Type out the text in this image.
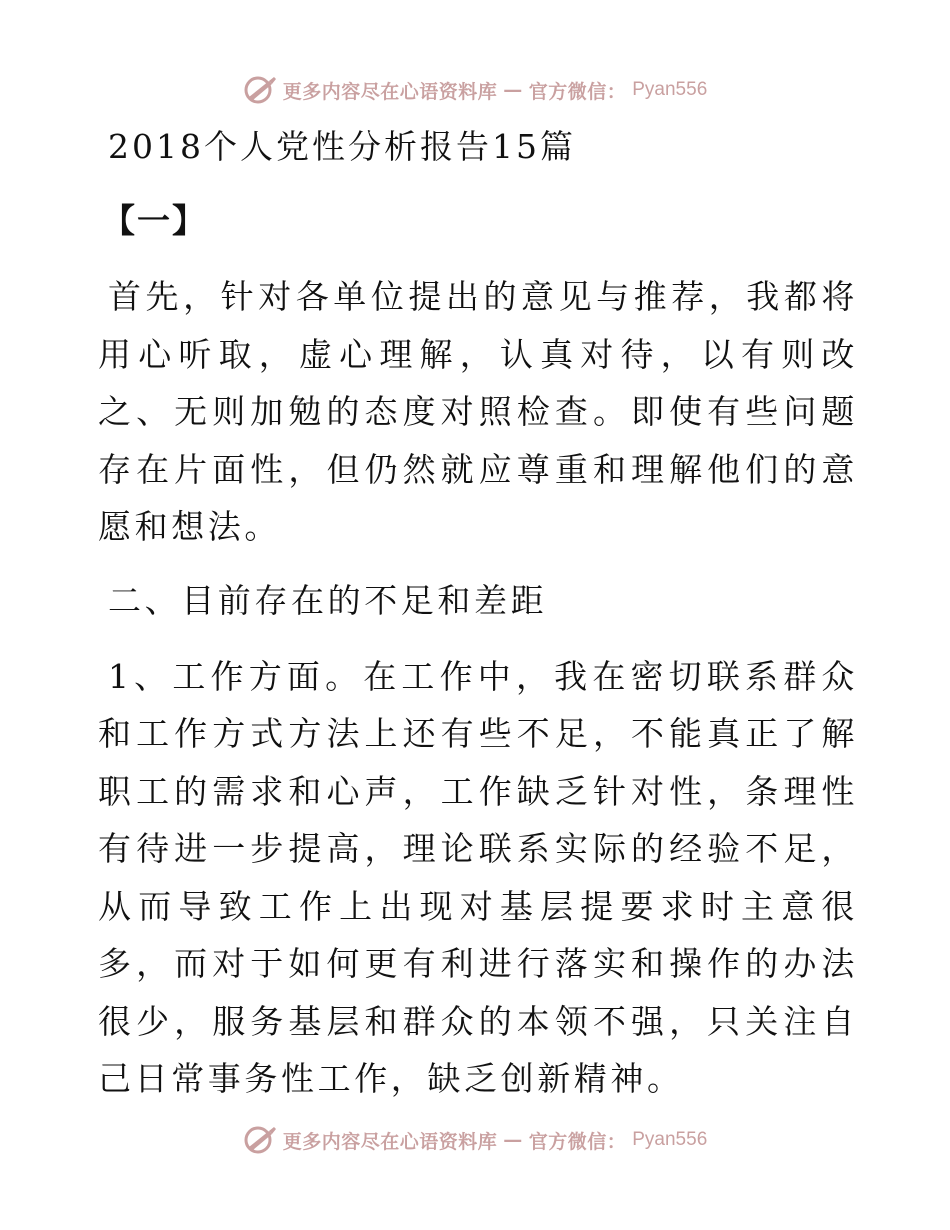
更多内容尽在心语资料库 — 官方微信： Pyan556
2018个人党性分析报告15篇
【一】

首先，针对各单位提出的意见与推荐，我都将用心听取，虚心理解，认真对待，以有则改之、无则加勉的态度对照检查。即使有些问题存在片面性，但仍然就应尊重和理解他们的意愿和想法。

二、目前存在的不足和差距

1、工作方面。在工作中，我在密切联系群众和工作方式方法上还有些不足，不能真正了解职工的需求和心声，工作缺乏针对性，条理性有待进一步提高，理论联系实际的经验不足，从而导致工作上出现对基层提要求时主意很多，而对于如何更有利进行落实和操作的办法很少，服务基层和群众的本领不强，只关注自己日常事务性工作，缺乏创新精神。

更多内容尽在心语资料库 — 官方微信： Pyan556
